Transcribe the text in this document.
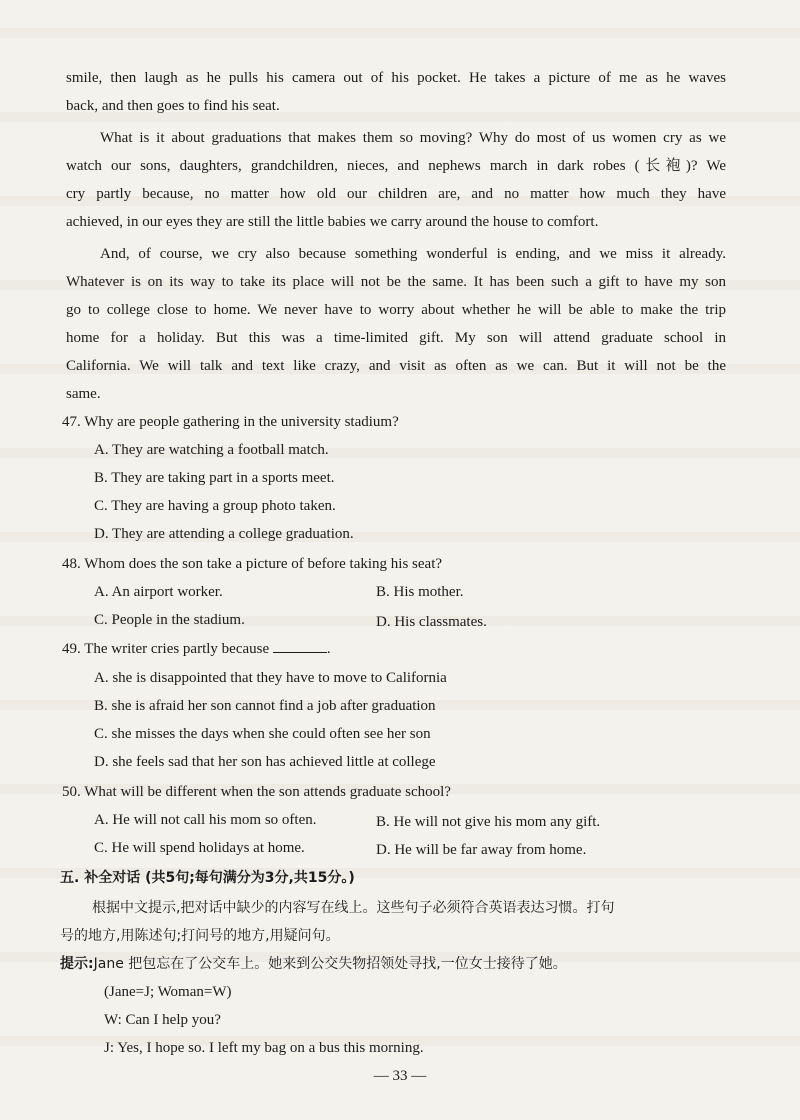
smile, then laugh as he pulls his camera out of his pocket. He takes a picture of me as he waves
back, and then goes to find his seat.
What is it about graduations that makes them so moving? Why do most of us women cry as we
watch our sons, daughters, grandchildren, nieces, and nephews march in dark robes (长袍)? We
cry partly because, no matter how old our children are, and no matter how much they have
achieved, in our eyes they are still the little babies we carry around the house to comfort.
And, of course, we cry also because something wonderful is ending, and we miss it already.
Whatever is on its way to take its place will not be the same. It has been such a gift to have my son
go to college close to home. We never have to worry about whether he will be able to make the trip
home for a holiday. But this was a time-limited gift. My son will attend graduate school in
California. We will talk and text like crazy, and visit as often as we can. But it will not be the
same.
47. Why are people gathering in the university stadium?
A. They are watching a football match.
B. They are taking part in a sports meet.
C. They are having a group photo taken.
D. They are attending a college graduation.
48. Whom does the son take a picture of before taking his seat?
A. An airport worker.	B. His mother.
C. People in the stadium.	D. His classmates.
49. The writer cries partly because	.
A. she is disappointed that they have to move to California
B. she is afraid her son cannot find a job after graduation
C. she misses the days when she could often see her son
D. she feels sad that her son has achieved little at college
50. What will be different when the son attends graduate school?
A. He will not call his mom so often.	B. He will not give his mom any gift.
C. He will spend holidays at home.	D. He will be far away from home.
五. 补全对话 (共5句;每句满分为3分,共15分。)
根据中文提示,把对话中缺少的内容写在线上。这些句子必须符合英语表达习惯。打句
号的地方,用陈述句;打问号的地方,用疑问句。
提示:Jane 把包忘在了公交车上。她来到公交失物招领处寻找,一位女士接待了她。
(Jane=J; Woman=W)
W: Can I help you?
J: Yes, I hope so. I left my bag on a bus this morning.
— 33 —
